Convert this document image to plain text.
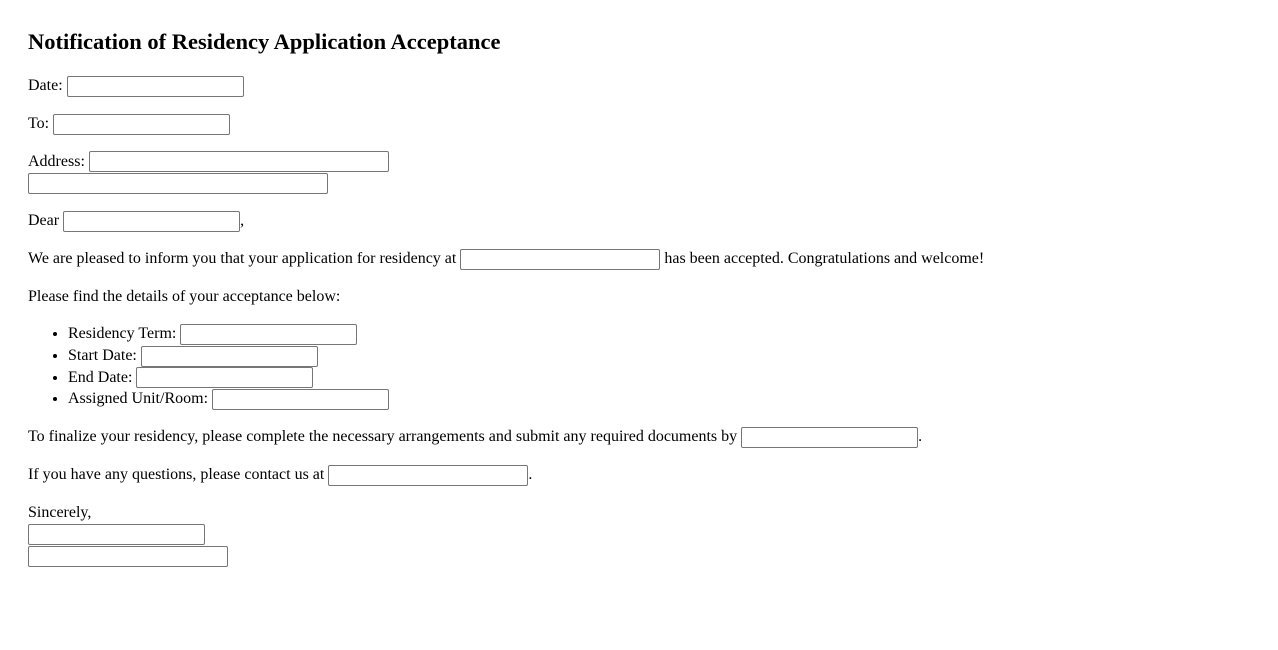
Notification of Residency Application Acceptance

Date:

To:

Address:

Dear	,

We are pleased to inform you that your application for residency at	has been accepted. Congratulations and welcome!

Please find the details of your acceptance below:

• Residency Term:
• Start Date:
• End Date:
• Assigned Unit/Room:

To finalize your residency, please complete the necessary arrangements and submit any required documents by	.

If you have any questions, please contact us at	.

Sincerely,
